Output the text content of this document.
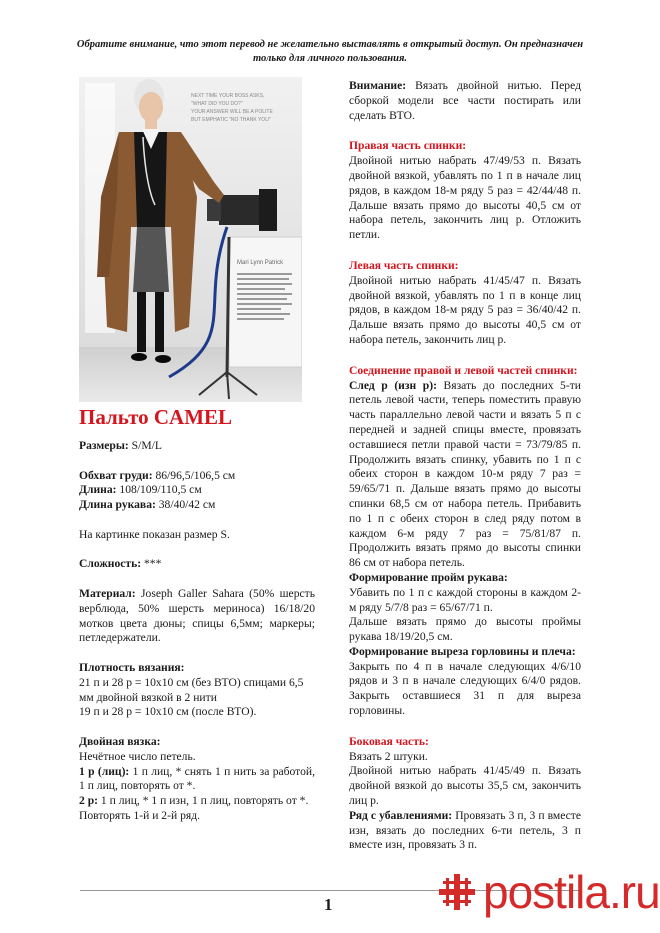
Обратите внимание, что этот перевод не желательно выставлять в открытый доступ. Он предназначен только для личного пользования.
Mari Lynn Patrick
NEXT TIME YOUR BOSS ASKS,
"WHAT DID YOU DO?"
YOUR ANSWER WILL BE A POLITE
BUT EMPHATIC "NO THANK YOU"
Пальто CAMEL

Размеры: S/M/L

Обхват груди: 86/96,5/106,5 см

Длина: 108/109/110,5 см

Длина рукава: 38/40/42 см

На картинке показан размер S.

Сложность: ***

Материал: Joseph Galler Sahara (50% шерсть верблюда, 50% шерсть мериноса) 16/18/20 мотков цвета дюны; спицы 6,5мм; маркеры; петледержатели.

Плотность вязания:

21 п и 28 р = 10x10 см (без ВТО) спицами 6,5 мм двойной вязкой в 2 нити

19 п и 28 р = 10x10 см (после ВТО).

Двойная вязка:

Нечётное число петель.

1 р (лиц): 1 п лиц, * снять 1 п нить за работой, 1 п лиц, повторять от *.

2 р: 1 п лиц, * 1 п изн, 1 п лиц, повторять от *.

Повторять 1-й и 2-й ряд.

Внимание: Вязать двойной нитью. Перед сборкой модели все части постирать или сделать ВТО.

Правая часть спинки:

Двойной нитью набрать 47/49/53 п. Вязать двойной вязкой, убавлять по 1 п в начале лиц рядов, в каждом 18-м ряду 5 раз = 42/44/48 п. Дальше вязать прямо до высоты 40,5 см от набора петель, закончить лиц р. Отложить петли.

Левая часть спинки:

Двойной нитью набрать 41/45/47 п. Вязать двойной вязкой, убавлять по 1 п в конце лиц рядов, в каждом 18-м ряду 5 раз = 36/40/42 п. Дальше вязать прямо до высоты 40,5 см от набора петель, закончить лиц р.

Соединение правой и левой частей спинки:

След р (изн р): Вязать до последних 5-ти петель левой части, теперь поместить правую часть параллельно левой части и вязать 5 п с передней и задней спицы вместе, провязать оставшиеся петли правой части = 73/79/85 п. Продолжить вязать спинку, убавить по 1 п с обеих сторон в каждом 10-м ряду 7 раз = 59/65/71 п. Дальше вязать прямо до высоты спинки 68,5 см от набора петель. Прибавить по 1 п с обеих сторон в след ряду потом в каждом 6-м ряду 7 раз = 75/81/87 п. Продолжить вязать прямо до высоты спинки 86 см от набора петель.

Формирование пройм рукава:

Убавить по 1 п с каждой стороны в каждом 2-м ряду 5/7/8 раз = 65/67/71 п.

Дальше вязать прямо до высоты проймы рукава 18/19/20,5 см.

Формирование выреза горловины и плеча:

Закрыть по 4 п в начале следующих 4/6/10 рядов и 3 п в начале следующих 6/4/0 рядов. Закрыть оставшиеся 31 п для выреза горловины.

Боковая часть:

Вязать 2 штуки.

Двойной нитью набрать 41/45/49 п. Вязать двойной вязкой до высоты 35,5 см, закончить лиц р.

Ряд с убавлениями: Провязать 3 п, 3 п вместе изн, вязать до последних 6-ти петель, 3 п вместе изн, провязать 3 п.

1	postila.ru
